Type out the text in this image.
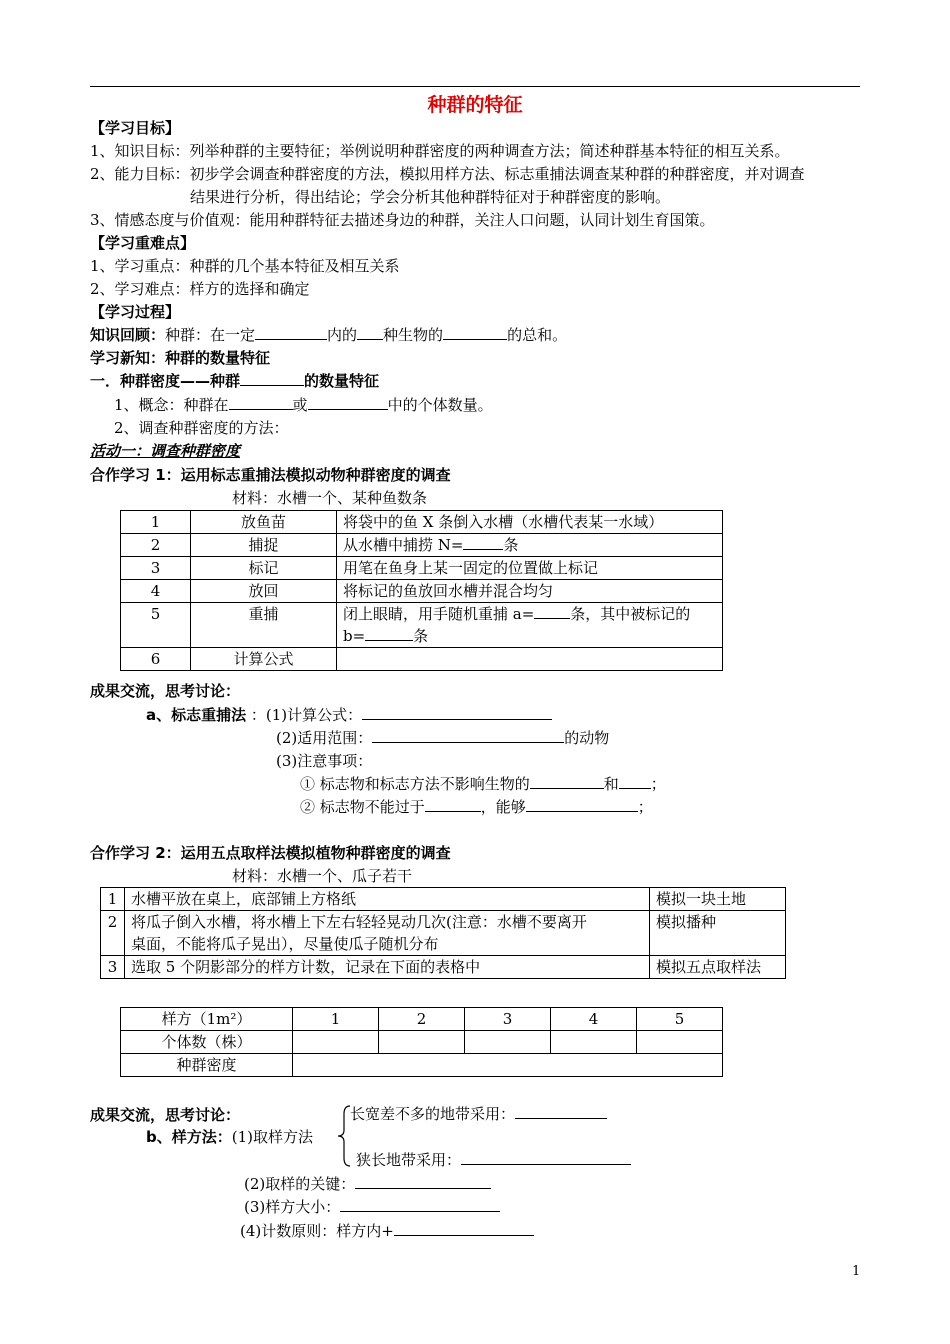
种群的特征
【学习目标】
1、知识目标：列举种群的主要特征；举例说明种群密度的两种调查方法；简述种群基本特征的相互关系。
2、能力目标：初步学会调查种群密度的方法，模拟用样方法、标志重捕法调查某种群的种群密度，并对调查
结果进行分析，得出结论；学会分析其他种群特征对于种群密度的影响。
3、情感态度与价值观：能用种群特征去描述身边的种群，关注人口问题，认同计划生育国策。
【学习重难点】
1、学习重点：种群的几个基本特征及相互关系
2、学习难点：样方的选择和确定
【学习过程】
知识回顾：种群：在一定	内的 种生物的	的总和。
学习新知：种群的数量特征
一．种群密度——种群	的数量特征
1、概念：种群在	或	中的个体数量。
2、调查种群密度的方法：
活动一：调查种群密度
合作学习 1：运用标志重捕法模拟动物种群密度的调查
材料：水槽一个、某种鱼数条
1	放鱼苗	将袋中的鱼 X 条倒入水槽（水槽代表某一水域）
2	捕捉	从水槽中捕捞 N= 条
3	标记	用笔在鱼身上某一固定的位置做上标记
4	放回	将标记的鱼放回水槽并混合均匀
5	重捕	闭上眼睛，用手随机重捕 a= 条，其中被标记的
b= 条
6	计算公式	
成果交流，思考讨论：
a、标志重捕法 ：(1)计算公式：
(2)适用范围：	的动物
(3)注意事项：
① 标志物和标志方法不影响生物的	和 ；
② 标志物不能过于	，能够	；
合作学习 2：运用五点取样法模拟植物种群密度的调查
材料：水槽一个、瓜子若干
1	水槽平放在桌上，底部铺上方格纸	模拟一块土地
2	将瓜子倒入水槽，将水槽上下左右轻轻晃动几次(注意：水槽不要离开
桌面，不能将瓜子晃出），尽量使瓜子随机分布	模拟播种
3	选取 5 个阴影部分的样方计数，记录在下面的表格中	模拟五点取样法
样方（1m²）	1	2	3	4	5
个体数（株）					
种群密度					
成果交流，思考讨论：
b、样方法：(1)取样方法
长宽差不多的地带采用：
狭长地带采用：
(2)取样的关键：
(3)样方大小：
(4)计数原则：样方内+
1
